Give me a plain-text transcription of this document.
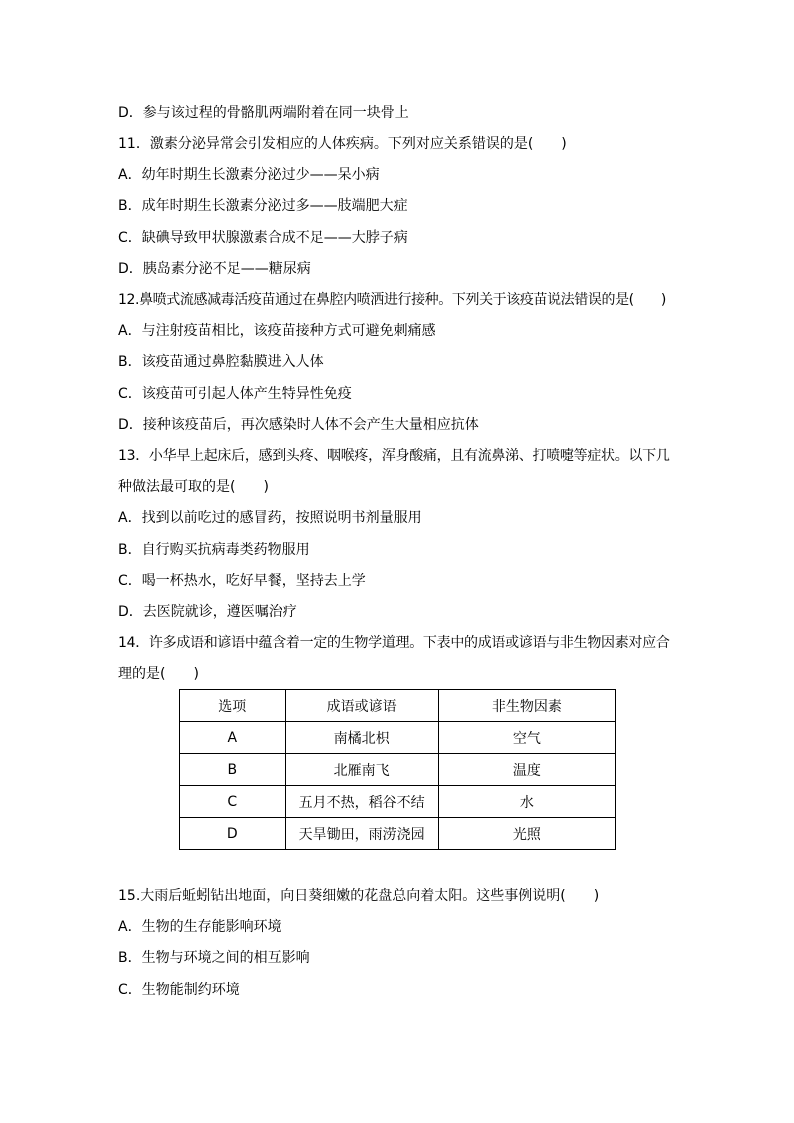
D．参与该过程的骨骼肌两端附着在同一块骨上
11．激素分泌异常会引发相应的人体疾病。下列对应关系错误的是(　　)
A．幼年时期生长激素分泌过少——呆小病
B．成年时期生长激素分泌过多——肢端肥大症
C．缺碘导致甲状腺激素合成不足——大脖子病
D．胰岛素分泌不足——糖尿病
12.鼻喷式流感减毒活疫苗通过在鼻腔内喷洒进行接种。下列关于该疫苗说法错误的是(　　)
A．与注射疫苗相比，该疫苗接种方式可避免刺痛感
B．该疫苗通过鼻腔黏膜进入人体
C．该疫苗可引起人体产生特异性免疫
D．接种该疫苗后，再次感染时人体不会产生大量相应抗体
13．小华早上起床后，感到头疼、咽喉疼，浑身酸痛，且有流鼻涕、打喷嚏等症状。以下几
种做法最可取的是(　　)
A．找到以前吃过的感冒药，按照说明书剂量服用
B．自行购买抗病毒类药物服用
C．喝一杯热水，吃好早餐，坚持去上学
D．去医院就诊，遵医嘱治疗
14．许多成语和谚语中蕴含着一定的生物学道理。下表中的成语或谚语与非生物因素对应合
理的是(　　)
选项	成语或谚语	非生物因素
A	南橘北枳	空气
B	北雁南飞	温度
C	五月不热，稻谷不结	水
D	天旱锄田，雨涝浇园	光照
15.大雨后蚯蚓钻出地面，向日葵细嫩的花盘总向着太阳。这些事例说明(　　)
A．生物的生存能影响环境
B．生物与环境之间的相互影响
C．生物能制约环境
